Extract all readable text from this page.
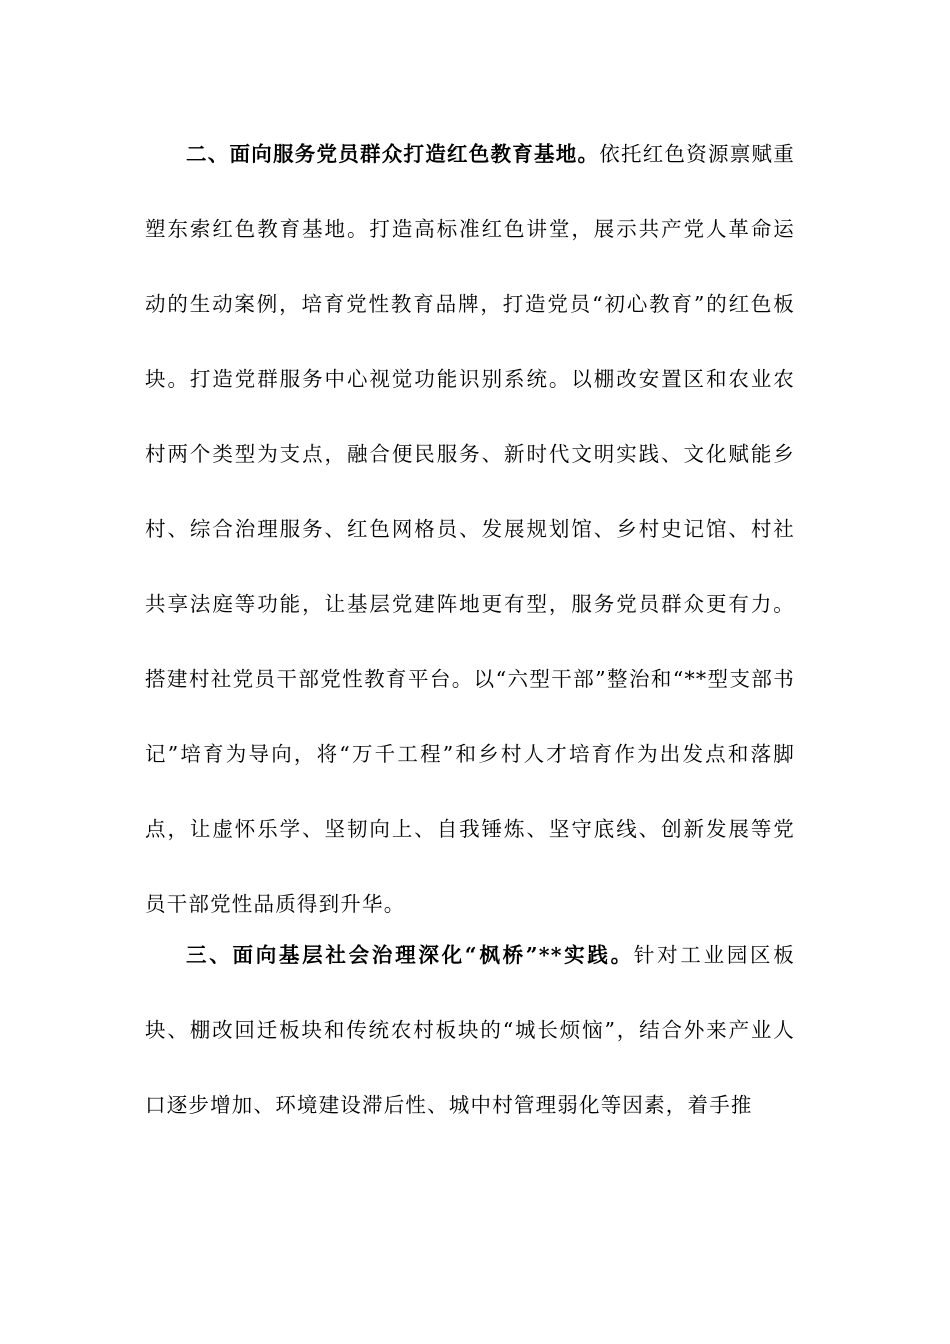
二、面向服务党员群众打造红色教育基地。依托红色资源禀赋重塑东索红色教育基地。打造高标准红色讲堂，展示共产党人革命运动的生动案例，培育党性教育品牌，打造党员“初心教育”的红色板块。打造党群服务中心视觉功能识别系统。以棚改安置区和农业农村两个类型为支点，融合便民服务、新时代文明实践、文化赋能乡村、综合治理服务、红色网格员、发展规划馆、乡村史记馆、村社共享法庭等功能，让基层党建阵地更有型，服务党员群众更有力。搭建村社党员干部党性教育平台。以“六型干部”整治和“**型支部书记”培育为导向，将“万千工程”和乡村人才培育作为出发点和落脚点，让虚怀乐学、坚韧向上、自我锤炼、坚守底线、创新发展等党员干部党性品质得到升华。

三、面向基层社会治理深化“枫桥”**实践。针对工业园区板块、棚改回迁板块和传统农村板块的“城长烦恼”，结合外来产业人口逐步增加、环境建设滞后性、城中村管理弱化等因素，着手推
